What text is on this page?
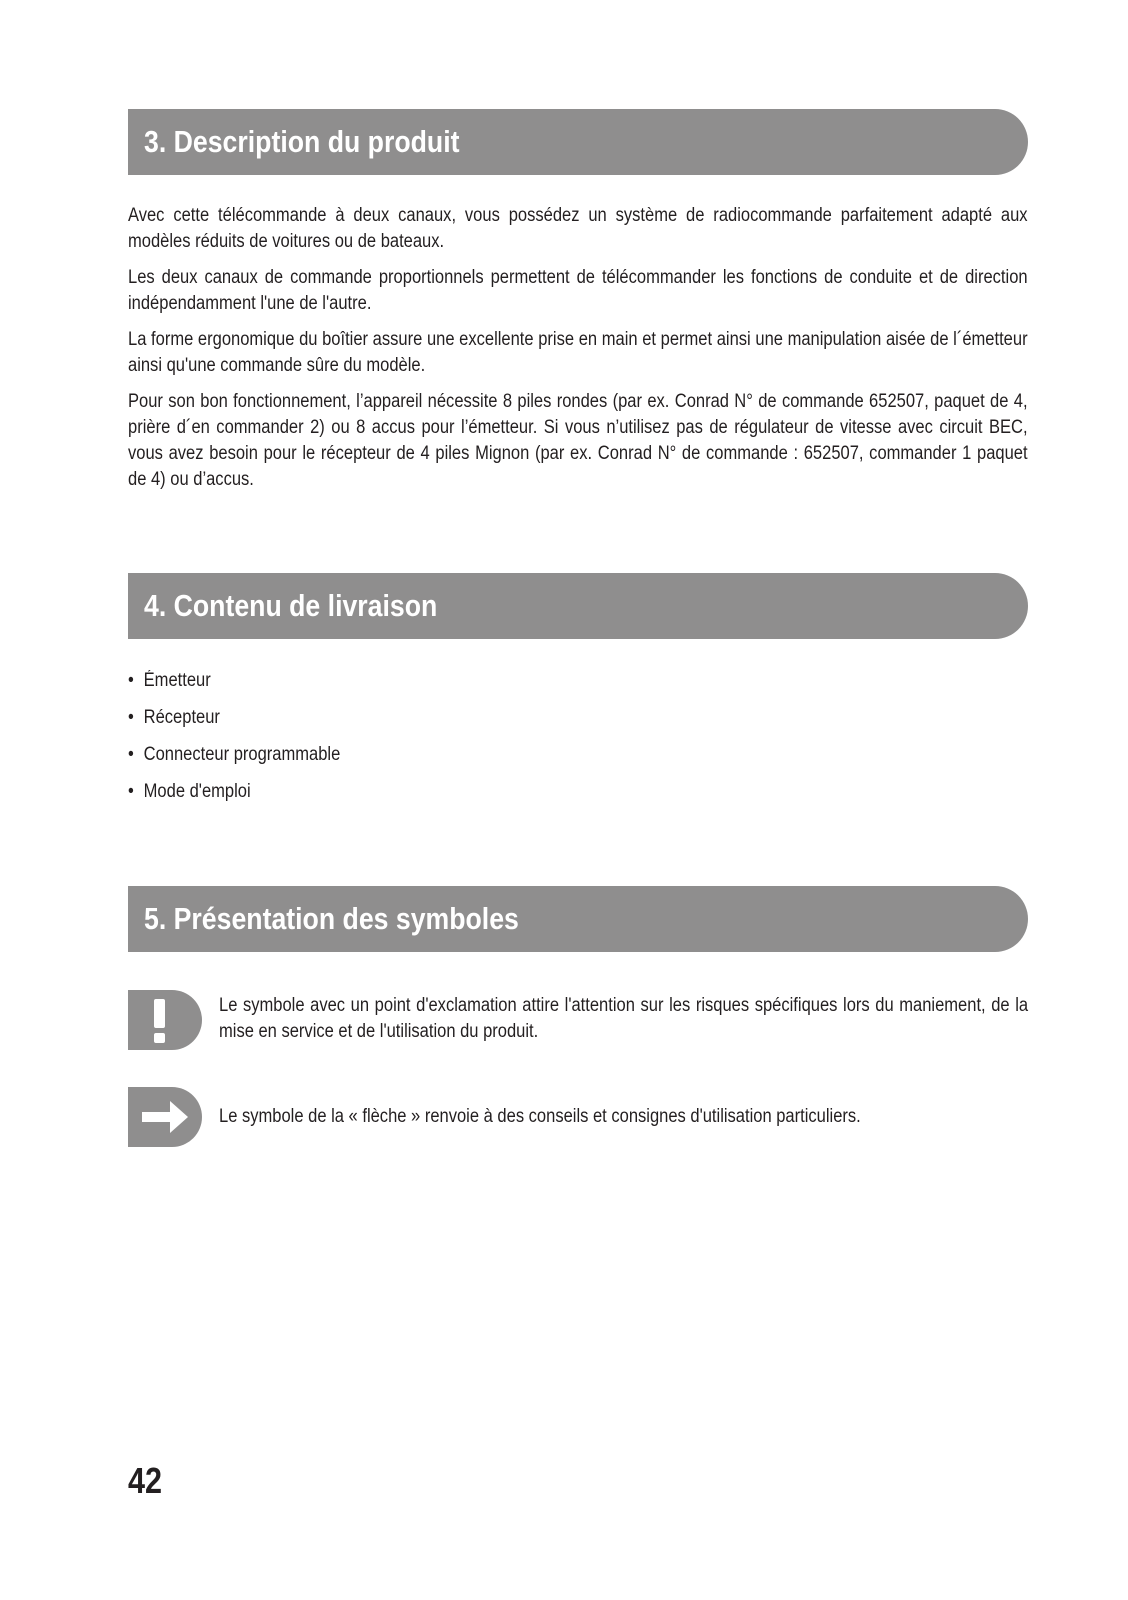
3. Description du produit

Avec cette télécommande à deux canaux, vous possédez un système de radiocommande parfaitement adapté aux modèles réduits de voitures ou de bateaux.

Les deux canaux de commande proportionnels permettent de télécommander les fonctions de conduite et de direction indépendamment l'une de l'autre.

La forme ergonomique du boîtier assure une excellente prise en main et permet ainsi une manipulation aisée de l´émetteur ainsi qu'une commande sûre du modèle.

Pour son bon fonctionnement, l’appareil nécessite 8 piles rondes (par ex. Conrad N° de commande 652507, paquet de 4, prière d´en commander 2) ou 8 accus pour l’émetteur. Si vous n’utilisez pas de régulateur de vitesse avec circuit BEC, vous avez besoin pour le récepteur de 4 piles Mignon (par ex. Conrad N° de commande : 652507, commander 1 paquet de 4) ou d’accus.

4. Contenu de livraison
• Émetteur
• Récepteur
• Connecteur programmable
• Mode d'emploi
5. Présentation des symboles

Le symbole avec un point d'exclamation attire l'attention sur les risques spécifiques lors du maniement, de la mise en service et de l'utilisation du produit.

Le symbole de la « flèche » renvoie à des conseils et consignes d'utilisation particuliers.

42
